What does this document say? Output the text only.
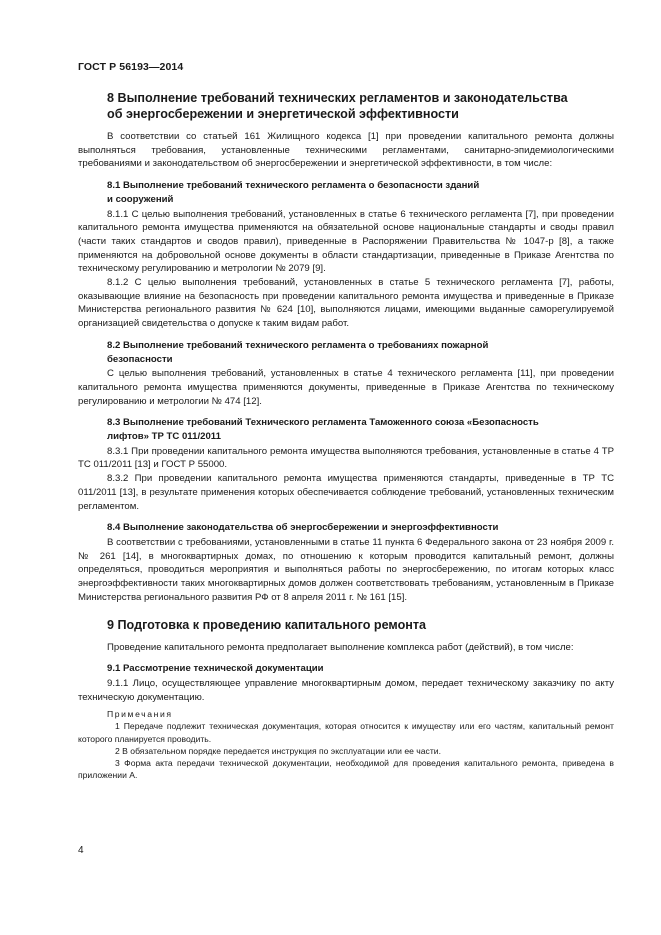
ГОСТ Р 56193—2014
8 Выполнение требований технических регламентов и законодательства
об энергосбережении и энергетической эффективности

В соответствии со статьей 161 Жилищного кодекса [1] при проведении капитального ремонта должны выполняться требования, установленные техническими регламентами, санитарно-эпидемиологическими требованиями и законодательством об энергосбережении и энергетической эффективности, в том числе:

8.1 Выполнение требований технического регламента о безопасности зданий
и сооружений

8.1.1 С целью выполнения требований, установленных в статье 6 технического регламента [7], при проведении капитального ремонта имущества применяются на обязательной основе национальные стандарты и своды правил (части таких стандартов и сводов правил), приведенные в Распоряжении Правительства № 1047-р [8], а также применяются на добровольной основе документы в области стандартизации, приведенные в Приказе Агентства по техническому регулированию и метрологии № 2079 [9].

8.1.2 С целью выполнения требований, установленных в статье 5 технического регламента [7], работы, оказывающие влияние на безопасность при проведении капитального ремонта имущества и приведенные в Приказе Министерства регионального развития № 624 [10], выполняются лицами, имеющими выданные саморегулируемой организацией свидетельства о допуске к таким видам работ.

8.2 Выполнение требований технического регламента о требованиях пожарной
безопасности

С целью выполнения требований, установленных в статье 4 технического регламента [11], при проведении капитального ремонта имущества применяются документы, приведенные в Приказе Агентства по техническому регулированию и метрологии № 474 [12].

8.3 Выполнение требований Технического регламента Таможенного союза «Безопасность
лифтов» ТР ТС 011/2011

8.3.1 При проведении капитального ремонта имущества выполняются требования, установленные в статье 4 ТР ТС 011/2011 [13] и ГОСТ Р 55000.

8.3.2 При проведении капитального ремонта имущества применяются стандарты, приведенные в ТР ТС 011/2011 [13], в результате применения которых обеспечивается соблюдение требований, установленных техническим регламентом.

8.4 Выполнение законодательства об энергосбережении и энергоэффективности

В соответствии с требованиями, установленными в статье 11 пункта 6 Федерального закона от 23 ноября 2009 г. № 261 [14], в многоквартирных домах, по отношению к которым проводится капитальный ремонт, должны определяться, проводиться мероприятия и выполняться работы по энергосбережению, по итогам которых класс энергоэффективности таких многоквартирных домов должен соответствовать требованиям, установленным в Приказе Министерства регионального развития РФ от 8 апреля 2011 г. № 161 [15].

9 Подготовка к проведению капитального ремонта

Проведение капитального ремонта предполагает выполнение комплекса работ (действий), в том числе:

9.1 Рассмотрение технической документации

9.1.1 Лицо, осуществляющее управление многоквартирным домом, передает техническому заказчику по акту техническую документацию.

Примечания

1 Передаче подлежит техническая документация, которая относится к имуществу или его частям, капитальный ремонт которого планируется проводить.

2 В обязательном порядке передается инструкция по эксплуатации или ее части.

3 Форма акта передачи технической документации, необходимой для проведения капитального ремонта, приведена в приложении А.

4
